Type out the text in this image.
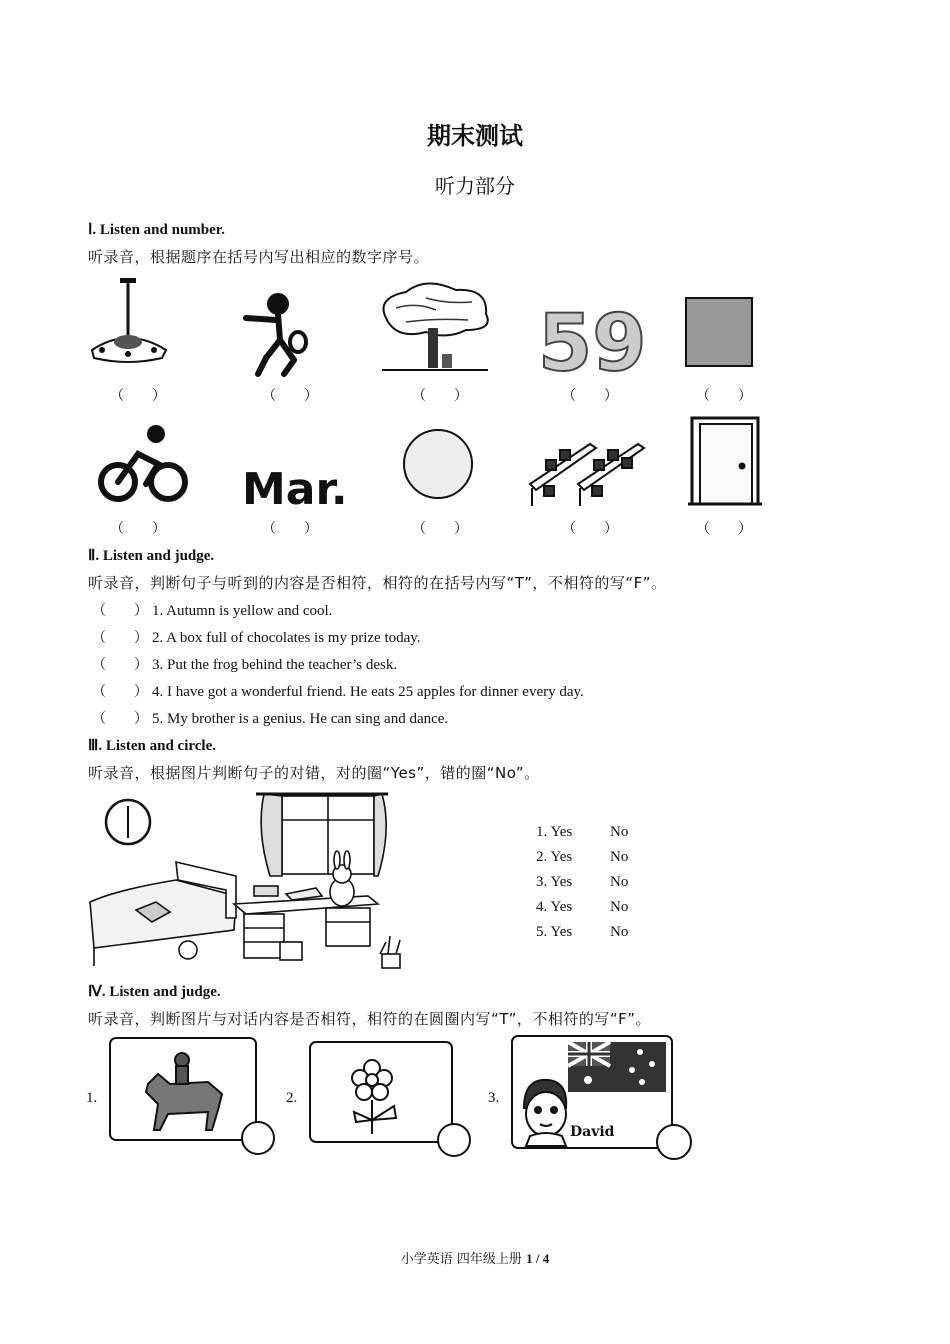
期末测试
听力部分
Ⅰ. Listen and number.
听录音，根据题序在括号内写出相应的数字序号。
59
（　　）	（　　）	（　　）	（　　）	（　　）
Mar.
（　　）	（　　）	（　　）	（　　）	（　　）
Ⅱ. Listen and judge.
听录音，判断句子与听到的内容是否相符，相符的在括号内写“T”，不相符的写“F”。
（　　） 1. Autumn is yellow and cool.
（　　） 2. A box full of chocolates is my prize today.
（　　） 3. Put the frog behind the teacher’s desk.
（　　） 4. I have got a wonderful friend. He eats 25 apples for dinner every day.
（　　） 5. My brother is a genius. He can sing and dance.
Ⅲ. Listen and circle.
听录音，根据图片判断句子的对错，对的圈“Yes”，错的圈“No”。
1. Yes	No
2. Yes	No
3. Yes	No
4. Yes	No
5. Yes	No
Ⅳ. Listen and judge.
听录音，判断图片与对话内容是否相符，相符的在圆圈内写“T”，不相符的写“F”。
1.	2.	3.
David
小学英语 四年级上册 1 / 4
